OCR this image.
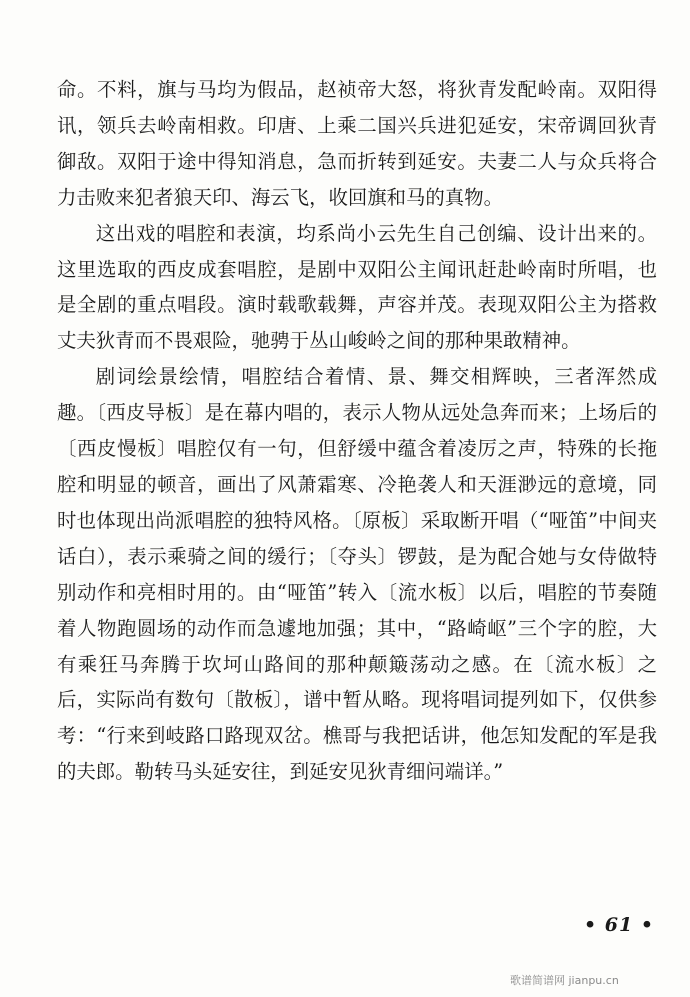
命。不料，旗与马均为假品，赵祯帝大怒，将狄青发配岭南。双阳得讯，领兵去岭南相救。印唐、上乘二国兴兵进犯延安，宋帝调回狄青御敌。双阳于途中得知消息，急而折转到延安。夫妻二人与众兵将合力击败来犯者狼天印、海云飞，收回旗和马的真物。

这出戏的唱腔和表演，均系尚小云先生自己创编、设计出来的。这里选取的西皮成套唱腔，是剧中双阳公主闻讯赶赴岭南时所唱，也是全剧的重点唱段。演时载歌载舞，声容并茂。表现双阳公主为搭救丈夫狄青而不畏艰险，驰骋于丛山峻岭之间的那种果敢精神。

剧词绘景绘情，唱腔结合着情、景、舞交相辉映，三者浑然成趣。〔西皮导板〕是在幕内唱的，表示人物从远处急奔而来；上场后的〔西皮慢板〕唱腔仅有一句，但舒缓中蕴含着凌厉之声，特殊的长拖腔和明显的顿音，画出了风萧霜寒、冷艳袭人和天涯渺远的意境，同时也体现出尚派唱腔的独特风格。〔原板〕采取断开唱（“哑笛”中间夹话白），表示乘骑之间的缓行；〔夺头〕锣鼓，是为配合她与女侍做特别动作和亮相时用的。由“哑笛”转入〔流水板〕以后，唱腔的节奏随着人物跑圆场的动作而急遽地加强；其中，“路崎岖”三个字的腔，大有乘狂马奔腾于坎坷山路间的那种颠簸荡动之感。在〔流水板〕之后，实际尚有数句〔散板〕，谱中暂从略。现将唱词提列如下，仅供参考：“行来到岐路口路现双岔。樵哥与我把话讲，他怎知发配的军是我的夫郎。勒转马头延安往，到延安见狄青细问端详。”

• 61 •
歌谱简谱网 jianpu.cn
